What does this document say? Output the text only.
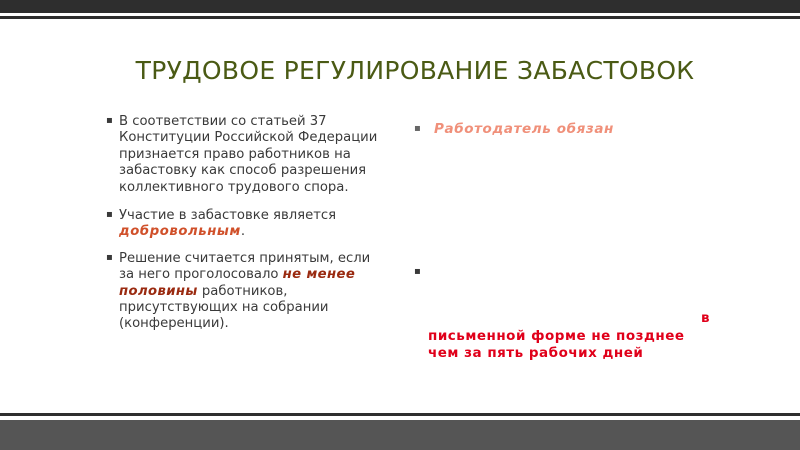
ТРУДОВОЕ РЕГУЛИРОВАНИЕ ЗАБАСТОВОК
▪ В соответствии со статьей 37 Конституции Российской Федерации признается право работников на забастовку как способ разрешения коллективного трудового спора.
▪ Участие в забастовке является добровольным.
▪ Решение считается принятым, если за него проголосовало не менее половины работников, присутствующих на собрании (конференции).
▪ Работодатель обязан
▪
в
письменной форме не позднее чем за пять рабочих дней
